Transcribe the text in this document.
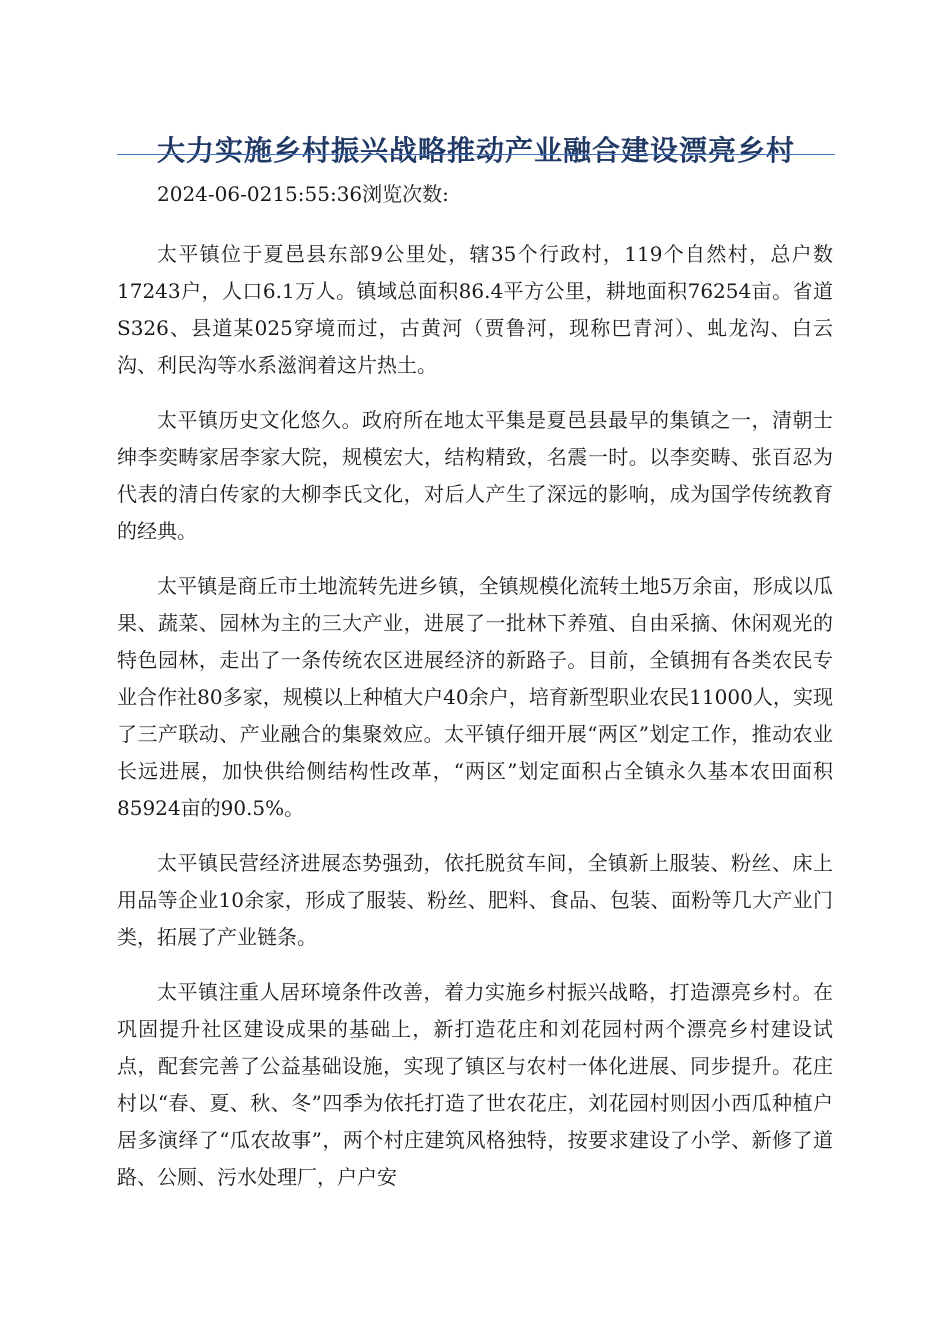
大力实施乡村振兴战略推动产业融合建设漂亮乡村

2024-06-0215:55:36浏览次数:

太平镇位于夏邑县东部9公里处，辖35个行政村，119个自然村，总户数17243户，人口6.1万人。镇域总面积86.4平方公里，耕地面积76254亩。省道S326、县道某025穿境而过，古黄河（贾鲁河，现称巴青河）、虬龙沟、白云沟、利民沟等水系滋润着这片热土。

太平镇历史文化悠久。政府所在地太平集是夏邑县最早的集镇之一，清朝士绅李奕畴家居李家大院，规模宏大，结构精致，名震一时。以李奕畴、张百忍为代表的清白传家的大柳李氏文化，对后人产生了深远的影响，成为国学传统教育的经典。

太平镇是商丘市土地流转先进乡镇，全镇规模化流转土地5万余亩，形成以瓜果、蔬菜、园林为主的三大产业，进展了一批林下养殖、自由采摘、休闲观光的特色园林，走出了一条传统农区进展经济的新路子。目前，全镇拥有各类农民专业合作社80多家，规模以上种植大户40余户，培育新型职业农民11000人，实现了三产联动、产业融合的集聚效应。太平镇仔细开展“两区”划定工作，推动农业长远进展，加快供给侧结构性改革，“两区”划定面积占全镇永久基本农田面积85924亩的90.5%。

太平镇民营经济进展态势强劲，依托脱贫车间，全镇新上服装、粉丝、床上用品等企业10余家，形成了服装、粉丝、肥料、食品、包装、面粉等几大产业门类，拓展了产业链条。

太平镇注重人居环境条件改善，着力实施乡村振兴战略，打造漂亮乡村。在巩固提升社区建设成果的基础上，新打造花庄和刘花园村两个漂亮乡村建设试点，配套完善了公益基础设施，实现了镇区与农村一体化进展、同步提升。花庄村以“春、夏、秋、冬”四季为依托打造了世农花庄，刘花园村则因小西瓜种植户居多演绎了“瓜农故事”，两个村庄建筑风格独特，按要求建设了小学、新修了道路、公厕、污水处理厂，户户安
